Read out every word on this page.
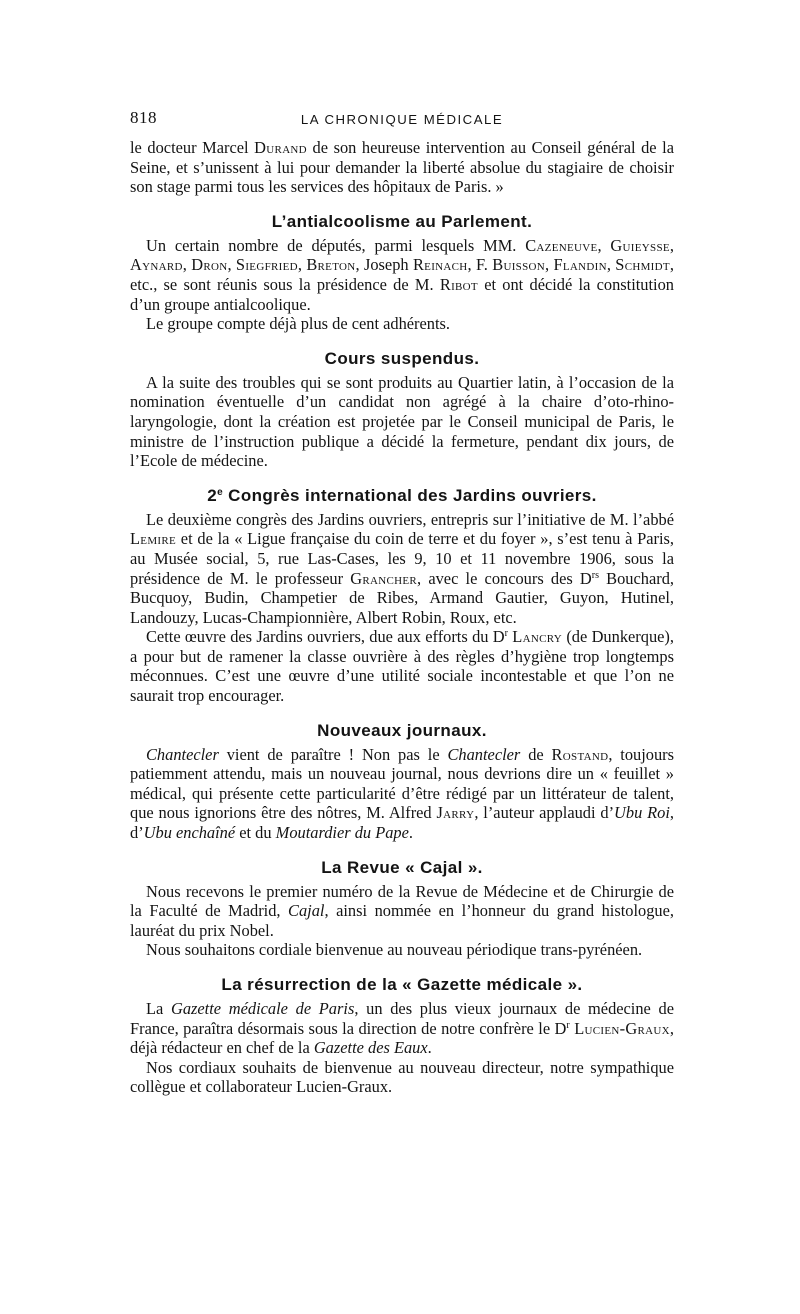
818	LA CHRONIQUE MÉDICALE

le docteur Marcel Durand de son heureuse intervention au Conseil général de la Seine, et s’unissent à lui pour demander la liberté absolue du stagiaire de choisir son stage parmi tous les services des hôpitaux de Paris. »

L’antialcoolisme au Parlement.

Un certain nombre de députés, parmi lesquels MM. Cazeneuve, Guieysse, Aynard, Dron, Siegfried, Breton, Joseph Reinach, F. Buisson, Flandin, Schmidt, etc., se sont réunis sous la présidence de M. Ribot et ont décidé la constitution d’un groupe antialcoolique.

Le groupe compte déjà plus de cent adhérents.

Cours suspendus.

A la suite des troubles qui se sont produits au Quartier latin, à l’occasion de la nomination éventuelle d’un candidat non agrégé à la chaire d’oto-rhino-laryngologie, dont la création est projetée par le Conseil municipal de Paris, le ministre de l’instruction publique a décidé la fermeture, pendant dix jours, de l’Ecole de médecine.

2e Congrès international des Jardins ouvriers.

Le deuxième congrès des Jardins ouvriers, entrepris sur l’initiative de M. l’abbé Lemire et de la « Ligue française du coin de terre et du foyer », s’est tenu à Paris, au Musée social, 5, rue Las-Cases, les 9, 10 et 11 novembre 1906, sous la présidence de M. le professeur Grancher, avec le concours des $D^{rs}$ Bouchard, Bucquoy, Budin, Champetier de Ribes, Armand Gautier, Guyon, Hutinel, Landouzy, Lucas-Championnière, Albert Robin, Roux, etc.

Cette œuvre des Jardins ouvriers, due aux efforts du $D^r$ Lancry (de Dunkerque), a pour but de ramener la classe ouvrière à des règles d’hygiène trop longtemps méconnues. C’est une œuvre d’une utilité sociale incontestable et que l’on ne saurait trop encourager.

Nouveaux journaux.

Chantecler vient de paraître ! Non pas le Chantecler de Rostand, toujours patiemment attendu, mais un nouveau journal, nous devrions dire un « feuillet » médical, qui présente cette particularité d’être rédigé par un littérateur de talent, que nous ignorions être des nôtres, M. Alfred Jarry, l’auteur applaudi d’Ubu Roi, d’Ubu enchaîné et du Moutardier du Pape.

La Revue « Cajal ».

Nous recevons le premier numéro de la Revue de Médecine et de Chirurgie de la Faculté de Madrid, Cajal, ainsi nommée en l’honneur du grand histologue, lauréat du prix Nobel.

Nous souhaitons cordiale bienvenue au nouveau périodique trans-pyrénéen.

La résurrection de la « Gazette médicale ».

La Gazette médicale de Paris, un des plus vieux journaux de médecine de France, paraîtra désormais sous la direction de notre confrère le $D^r$ Lucien-Graux, déjà rédacteur en chef de la Gazette des Eaux.

Nos cordiaux souhaits de bienvenue au nouveau directeur, notre sympathique collègue et collaborateur Lucien-Graux.
